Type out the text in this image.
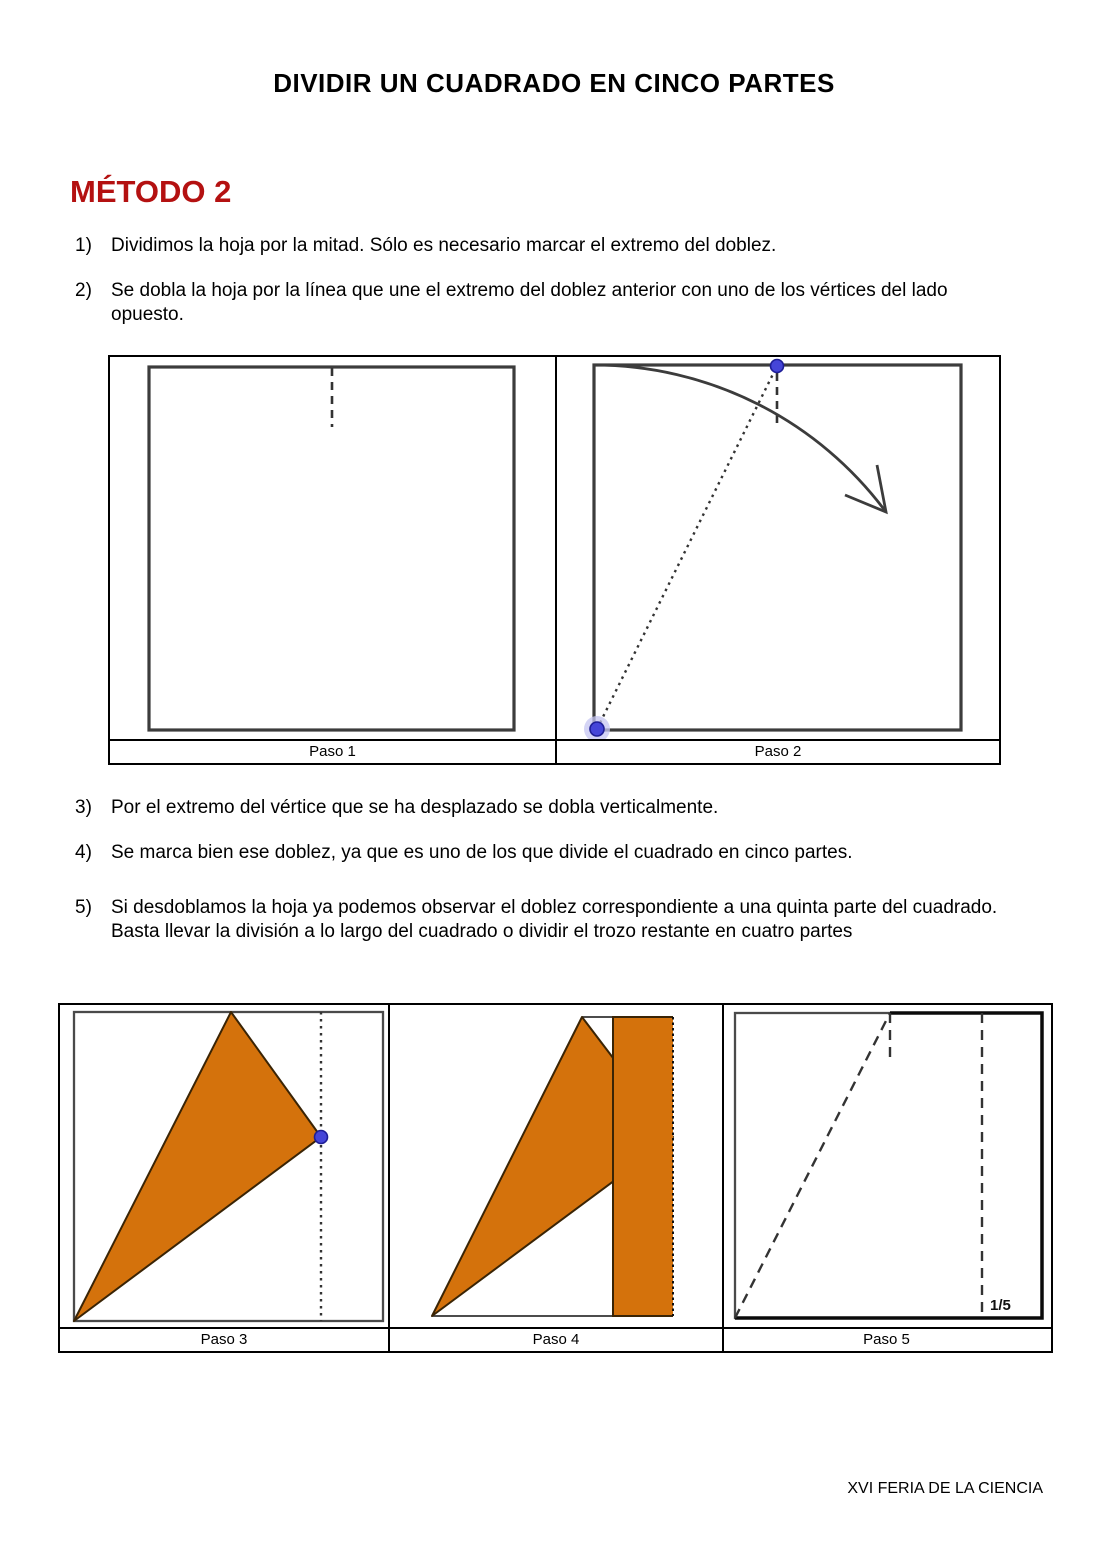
DIVIDIR UN CUADRADO EN CINCO PARTES
MÉTODO 2
1)	Dividimos la hoja por la mitad. Sólo es necesario marcar el extremo del doblez.
2)	Se dobla la hoja por la línea que une el extremo del doblez anterior con uno de los vértices del lado opuesto.
Paso 1	Paso 2
3)	Por el extremo del vértice que se ha desplazado se dobla verticalmente.
4)	Se marca bien ese doblez, ya que es uno de los que divide el cuadrado en cinco partes.
5)	Si desdoblamos la hoja ya podemos observar el doblez correspondiente a una quinta parte del cuadrado. Basta llevar la división a lo largo del cuadrado o dividir el trozo restante en cuatro partes
1/5
Paso 3	Paso 4	Paso 5
XVI FERIA DE LA CIENCIA
